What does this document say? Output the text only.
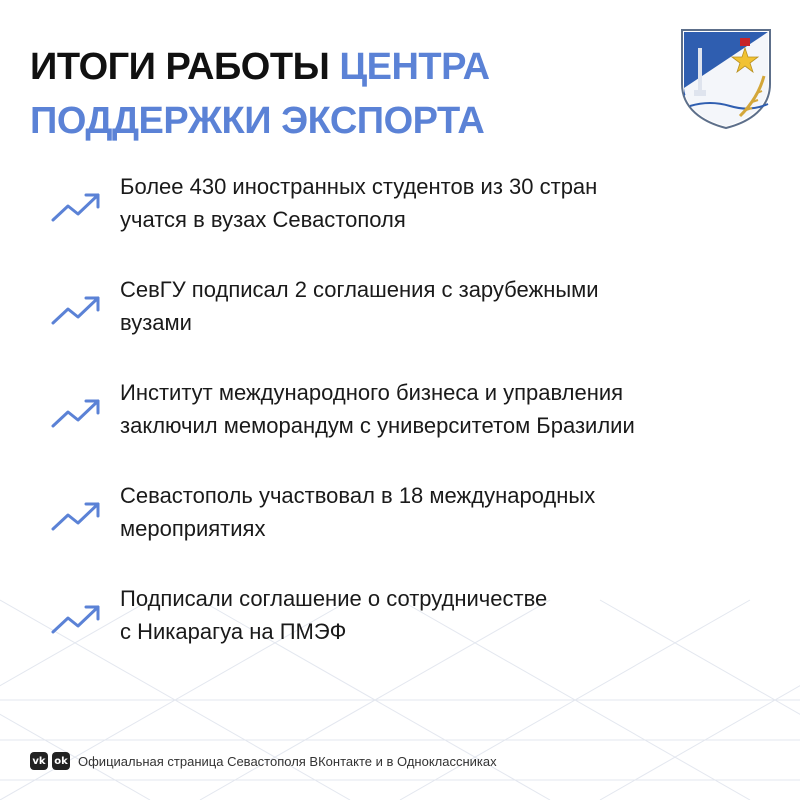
ИТОГИ РАБОТЫ ЦЕНТРА
ПОДДЕРЖКИ ЭКСПОРТА
Более 430 иностранных студентов из 30 стран
учатся в вузах Севастополя
СевГУ подписал 2 соглашения с зарубежными
вузами
Институт международного бизнеса и управления
заключил меморандум с университетом Бразилии
Севастополь участвовал в 18 международных
мероприятиях
Подписали соглашение о сотрудничестве
с Никарагуа на ПМЭФ
vk ok Официальная страница Севастополя ВКонтакте и в Одноклассниках
